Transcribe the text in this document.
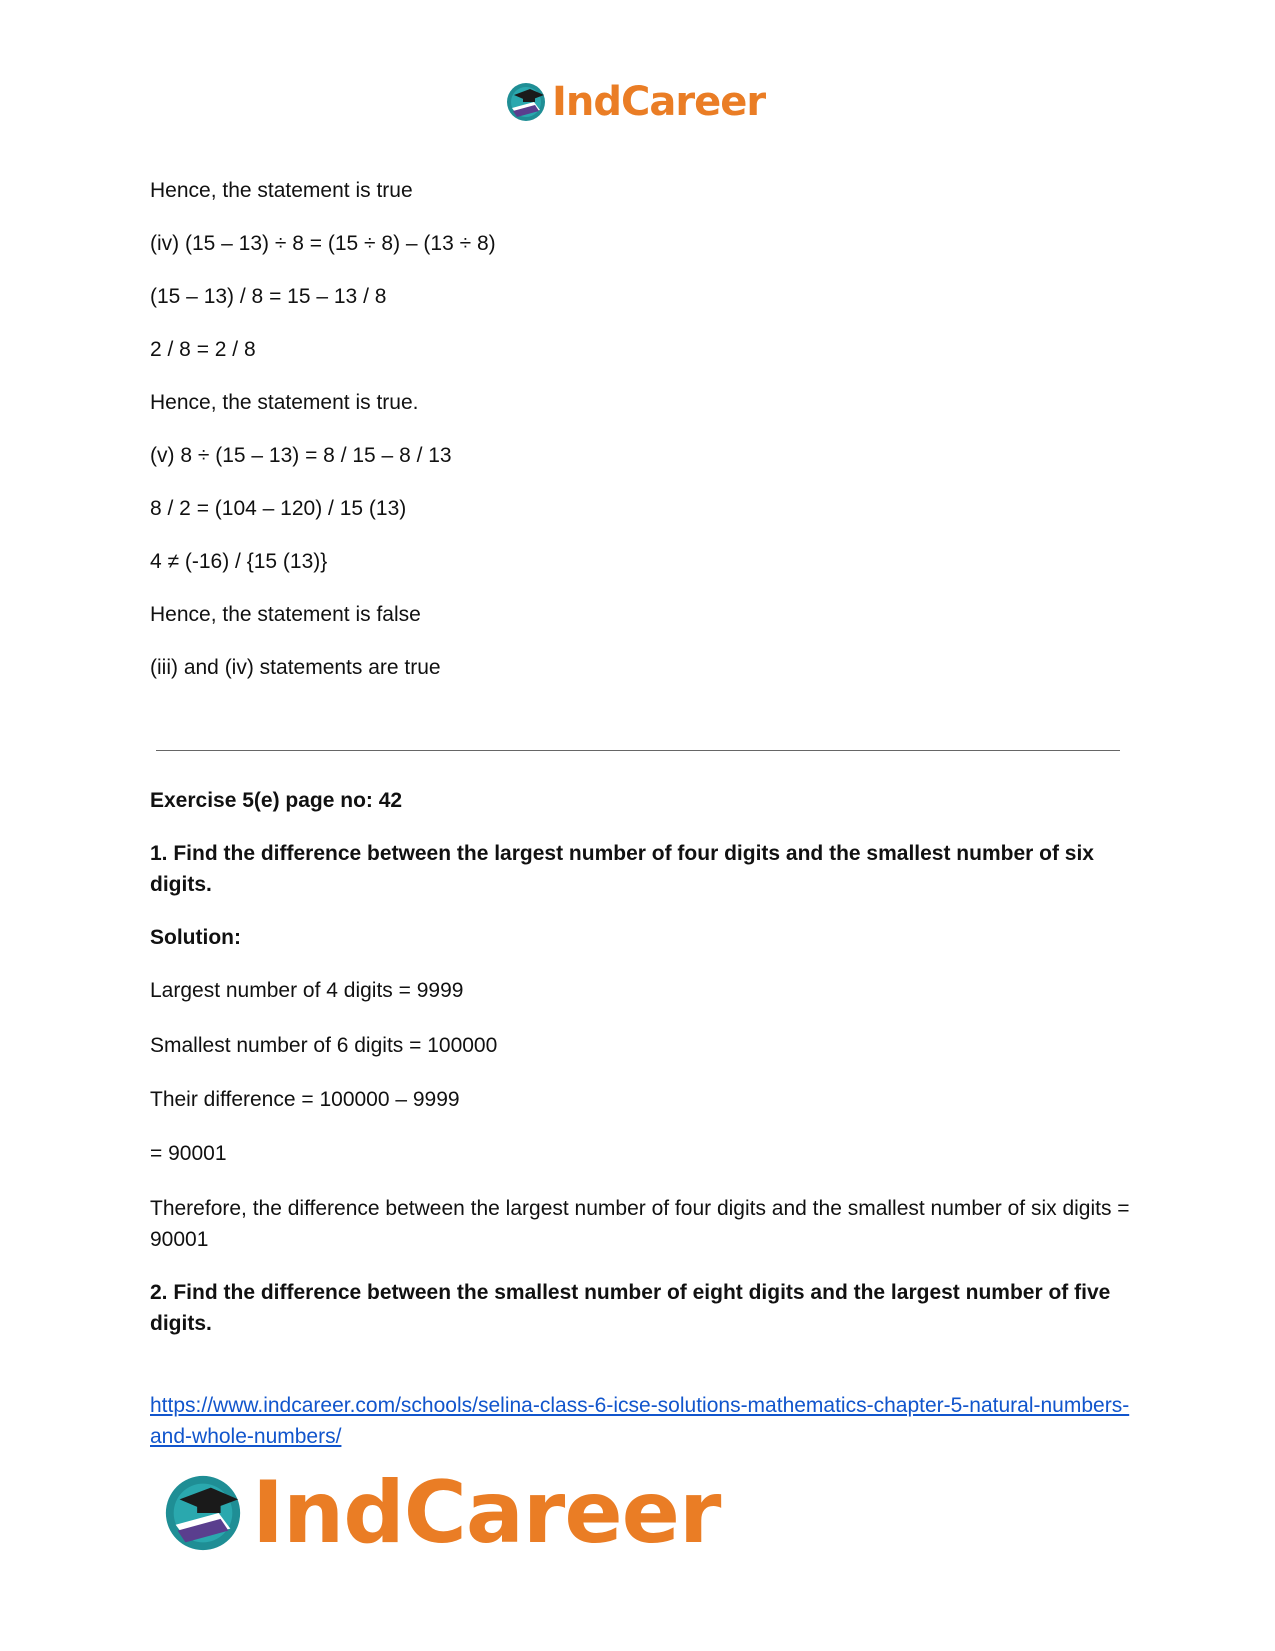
IndCareer
Hence, the statement is true
(iv) (15 – 13) ÷ 8 = (15 ÷ 8) – (13 ÷ 8)
(15 – 13) / 8 = 15 – 13 / 8
2 / 8 = 2 / 8
Hence, the statement is true.
(v) 8 ÷ (15 – 13) = 8 / 15 – 8 / 13
8 / 2 = (104 – 120) / 15 (13)
4 ≠ (-16) / {15 (13)}
Hence, the statement is false
(iii) and (iv) statements are true
Exercise 5(e) page no: 42
1. Find the difference between the largest number of four digits and the smallest number of six digits.
Solution:
Largest number of 4 digits = 9999
Smallest number of 6 digits = 100000
Their difference = 100000 – 9999
= 90001
Therefore, the difference between the largest number of four digits and the smallest number of six digits = 90001
2. Find the difference between the smallest number of eight digits and the largest number of five digits.
https://www.indcareer.com/schools/selina-class-6-icse-solutions-mathematics-chapter-5-natural-numbers-and-whole-numbers/
IndCareer
